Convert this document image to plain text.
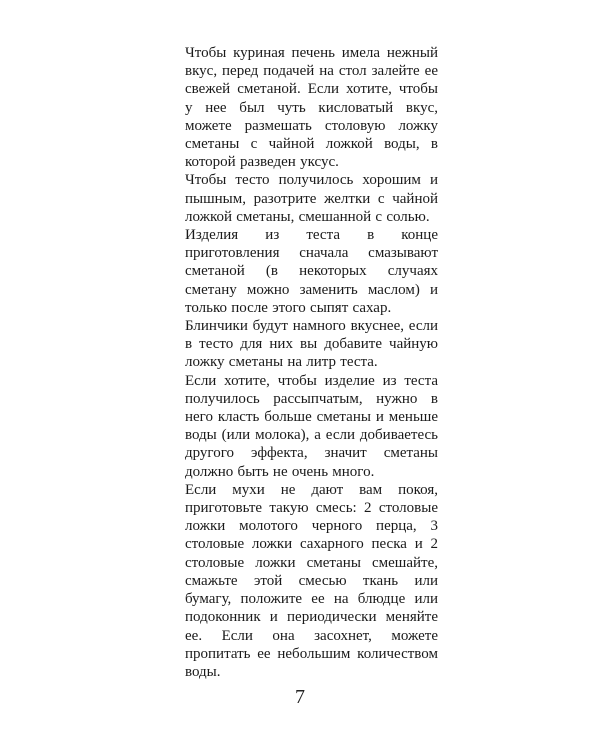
Чтобы куриная печень имела нежный вкус, перед подачей на стол залейте ее свежей сметаной. Если хотите, чтобы у нее был чуть кисловатый вкус, можете размешать столовую ложку сметаны с чайной ложкой воды, в которой разведен уксус.

Чтобы тесто получилось хорошим и пышным, разотрите желтки с чайной ложкой сметаны, смешанной с солью.

Изделия из теста в конце приготовления сначала смазывают сметаной (в некоторых случаях сметану можно заменить маслом) и только после этого сыпят сахар.

Блинчики будут намного вкуснее, если в тесто для них вы добавите чайную ложку сметаны на литр теста.

Если хотите, чтобы изделие из теста получилось рассыпчатым, нужно в него класть больше сметаны и меньше воды (или молока), а если добиваетесь другого эффекта, значит сметаны должно быть не очень много.

Если мухи не дают вам покоя, приготовьте такую смесь: 2 столовые ложки молотого черного перца, 3 столовые ложки сахарного песка и 2 столовые ложки сметаны смешайте, смажьте этой смесью ткань или бумагу, положите ее на блюдце или подоконник и периодически меняйте ее. Если она засохнет, можете пропитать ее небольшим количеством воды.

7
